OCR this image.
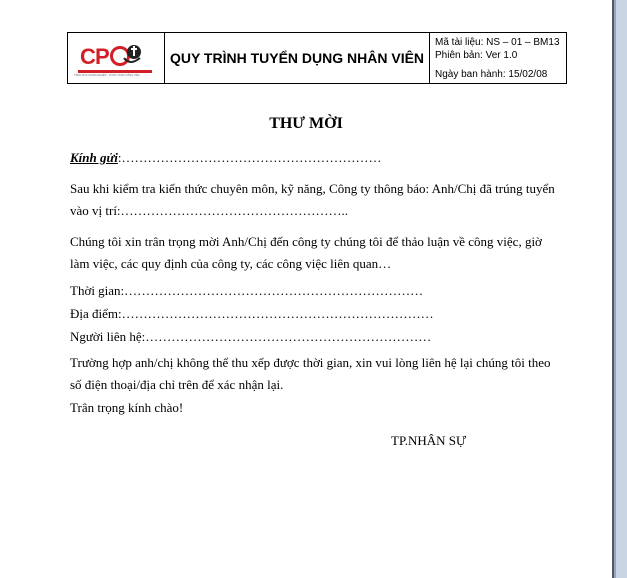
C P
TĂNG SỨC KHỎE NGHIỆP - VỮNG VÀNG CÔNG VIỆC
QUY TRÌNH TUYỂN DỤNG NHÂN VIÊN
Mã tài liệu: NS – 01 – BM13
Phiên bản: Ver 1.0
Ngày ban hành: 15/02/08
THƯ MỜI
Kính gửi:……………………………………………………
Sau khi kiểm tra kiến thức chuyên môn, kỹ năng, Công ty thông báo: Anh/Chị đã trúng tuyển
vào vị trí:……………………………………………..
Chúng tôi xin trân trọng mời Anh/Chị đến công ty chúng tôi để thảo luận về công việc, giờ
làm việc, các quy định của công ty, các công việc liên quan…
Thời gian:……………………………………………………………
Địa điểm:………………………………………………………………
Người liên hệ:…………………………………………………………
Trường hợp anh/chị không thể thu xếp được thời gian, xin vui lòng liên hệ lại chúng tôi theo
số điện thoại/địa chỉ trên để xác nhận lại.
Trân trọng kính chào!
TP.NHÂN SỰ
